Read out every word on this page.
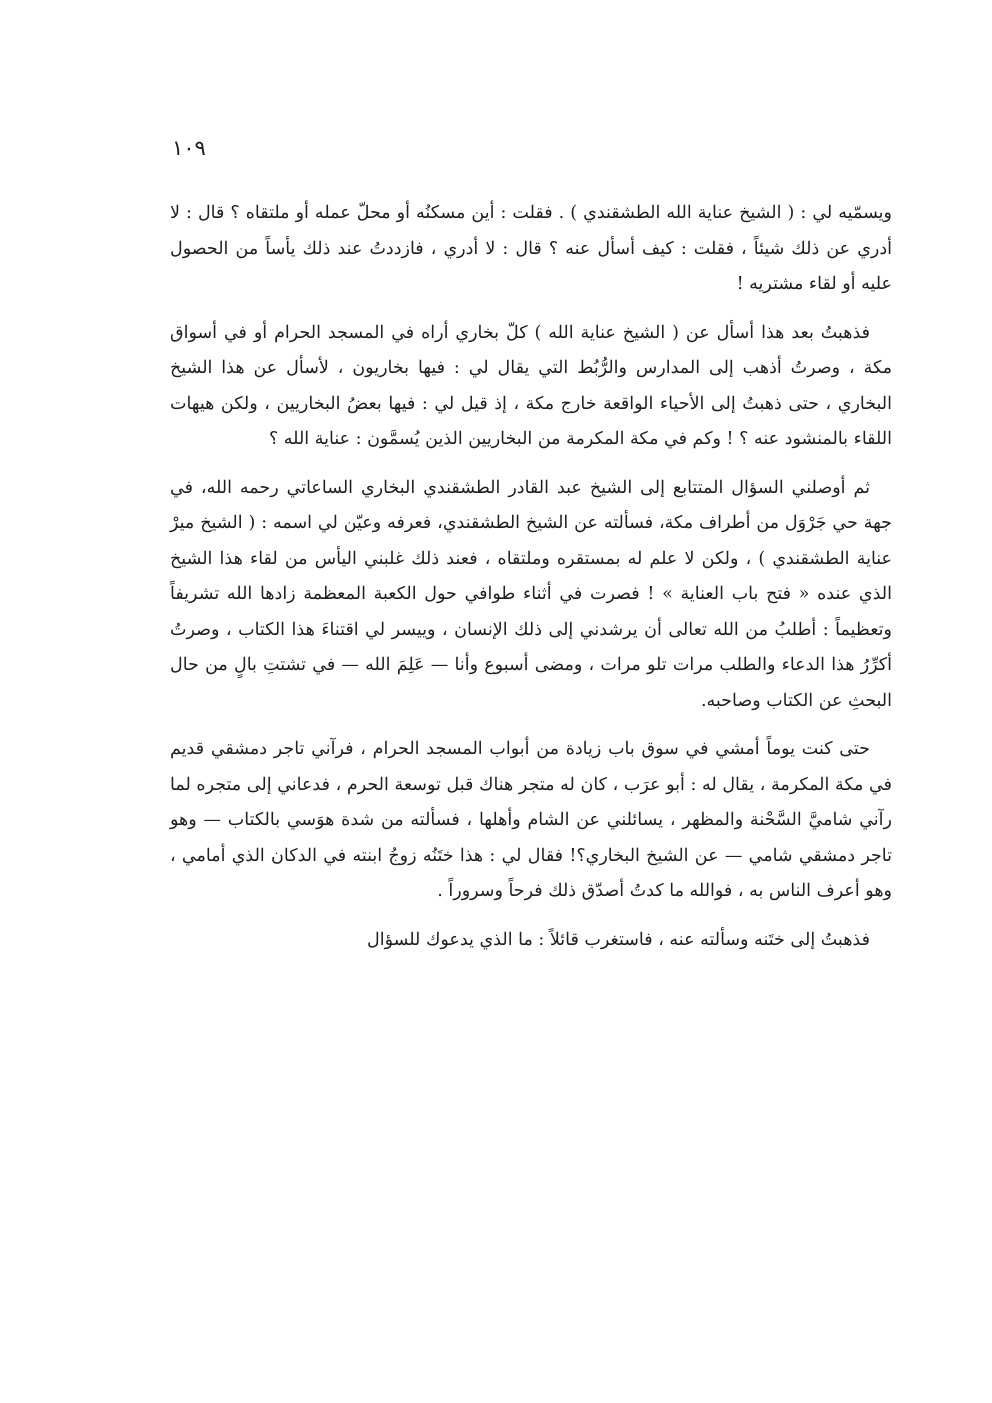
١٠٩

ويسمّيه لي : ( الشيخ عناية الله الطشقندي ) . فقلت : أين مسكنُه أو محلّ عمله أو ملتقاه ؟ قال : لا أدري عن ذلك شيئاً ، فقلت : كيف أسأل عنه ؟ قال : لا أدري ، فازددتُ عند ذلك يأساً من الحصول عليه أو لقاء مشتريه !

فذهبتُ بعد هذا أسأل عن ( الشيخ عناية الله ) كلّ بخاري أراه في المسجد الحرام أو في أسواق مكة ، وصرتُ أذهب إلى المدارس والرُّبُط التي يقال لي : فيها بخاريون ، لأسأل عن هذا الشيخ البخاري ، حتى ذهبتُ إلى الأحياء الواقعة خارج مكة ، إذ قيل لي : فيها بعضُ البخاريين ، ولكن هيهات اللقاء بالمنشود عنه ؟ ! وكم في مكة المكرمة من البخاريين الذين يُسمَّون : عناية الله ؟

ثم أوصلني السؤال المتتابع إلى الشيخ عبد القادر الطشقندي البخاري الساعاتي رحمه الله، في جهة حي جَرْوَل من أطراف مكة، فسألته عن الشيخ الطشقندي، فعرفه وعيّن لي اسمه : ( الشيخ ميرْ عناية الطشقندي ) ، ولكن لا علم له بمستقره وملتقاه ، فعند ذلك غلبني اليأس من لقاء هذا الشيخ الذي عنده « فتح باب العناية » ! فصرت في أثناء طوافي حول الكعبة المعظمة زادها الله تشريفاً وتعظيماً : أطلبُ من الله تعالى أن يرشدني إلى ذلك الإنسان ، وييسر لي اقتناءَ هذا الكتاب ، وصرتُ أكرِّرُ هذا الدعاء والطلب مرات تلو مرات ، ومضى أسبوع وأنا — عَلِمَ الله — في تشتتِ بالٍ من حال البحثِ عن الكتاب وصاحبه.

حتى كنت يوماً أمشي في سوق باب زيادة من أبواب المسجد الحرام ، فرآني تاجر دمشقي قديم في مكة المكرمة ، يقال له : أبو عرَب ، كان له متجر هناك قبل توسعة الحرم ، فدعاني إلى متجره لما رآني شاميَّ السَّحْنة والمظهر ، يسائلني عن الشام وأهلها ، فسألته من شدة هوَسي بالكتاب — وهو تاجر دمشقي شامي — عن الشيخ البخاري؟! فقال لي : هذا ختَنُه زوجُ ابنته في الدكان الذي أمامي ، وهو أعرف الناس به ، فوالله ما كدتُ أصدّق ذلك فرحاً وسروراً .

فذهبتُ إلى ختَنه وسألته عنه ، فاستغرب قائلاً : ما الذي يدعوك للسؤال
